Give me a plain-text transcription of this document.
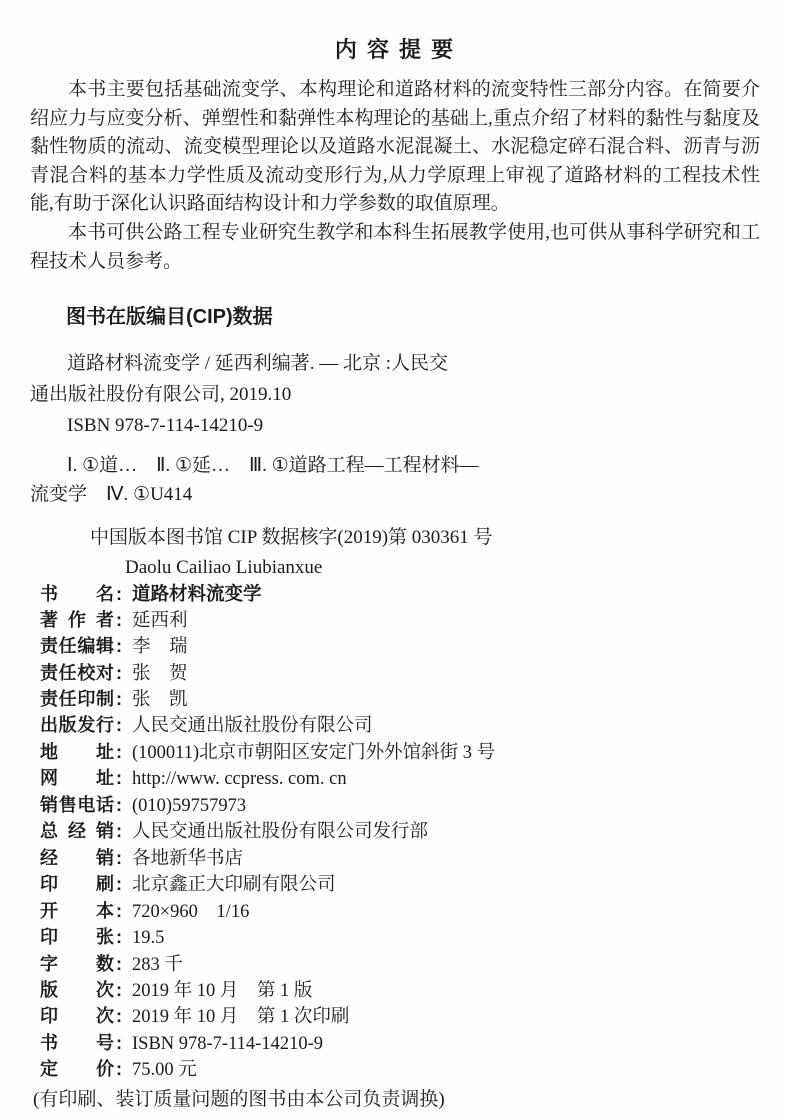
内 容 提 要

本书主要包括基础流变学、本构理论和道路材料的流变特性三部分内容。在简要介绍应力与应变分析、弹塑性和黏弹性本构理论的基础上,重点介绍了材料的黏性与黏度及黏性物质的流动、流变模型理论以及道路水泥混凝土、水泥稳定碎石混合料、沥青与沥青混合料的基本力学性质及流动变形行为,从力学原理上审视了道路材料的工程技术性能,有助于深化认识路面结构设计和力学参数的取值原理。

本书可供公路工程专业研究生教学和本科生拓展教学使用,也可供从事科学研究和工程技术人员参考。

图书在版编目(CIP)数据
道路材料流变学 / 延西利编著. — 北京 :人民交
通出版社股份有限公司, 2019.10
ISBN 978-7-114-14210-9
Ⅰ. ①道…　Ⅱ. ①延…　Ⅲ. ①道路工程—工程材料—
流变学　Ⅳ. ①U414
中国版本图书馆 CIP 数据核字(2019)第 030361 号
Daolu Cailiao Liubianxue
书名 : 道路材料流变学
著作者 : 延西利
责任编辑 : 李　瑞
责任校对 : 张　贺
责任印制 : 张　凯
出版发行 : 人民交通出版社股份有限公司
地址 : (100011)北京市朝阳区安定门外外馆斜街 3 号
网址 : http://www. ccpress. com. cn
销售电话 : (010)59757973
总经销 : 人民交通出版社股份有限公司发行部
经销 : 各地新华书店
印刷 : 北京鑫正大印刷有限公司
开本 : 720×960　1/16
印张 : 19.5
字数 : 283 千
版次 : 2019 年 10 月　第 1 版
印次 : 2019 年 10 月　第 1 次印刷
书号 : ISBN 978-7-114-14210-9
定价 : 75.00 元
(有印刷、装订质量问题的图书由本公司负责调换)
